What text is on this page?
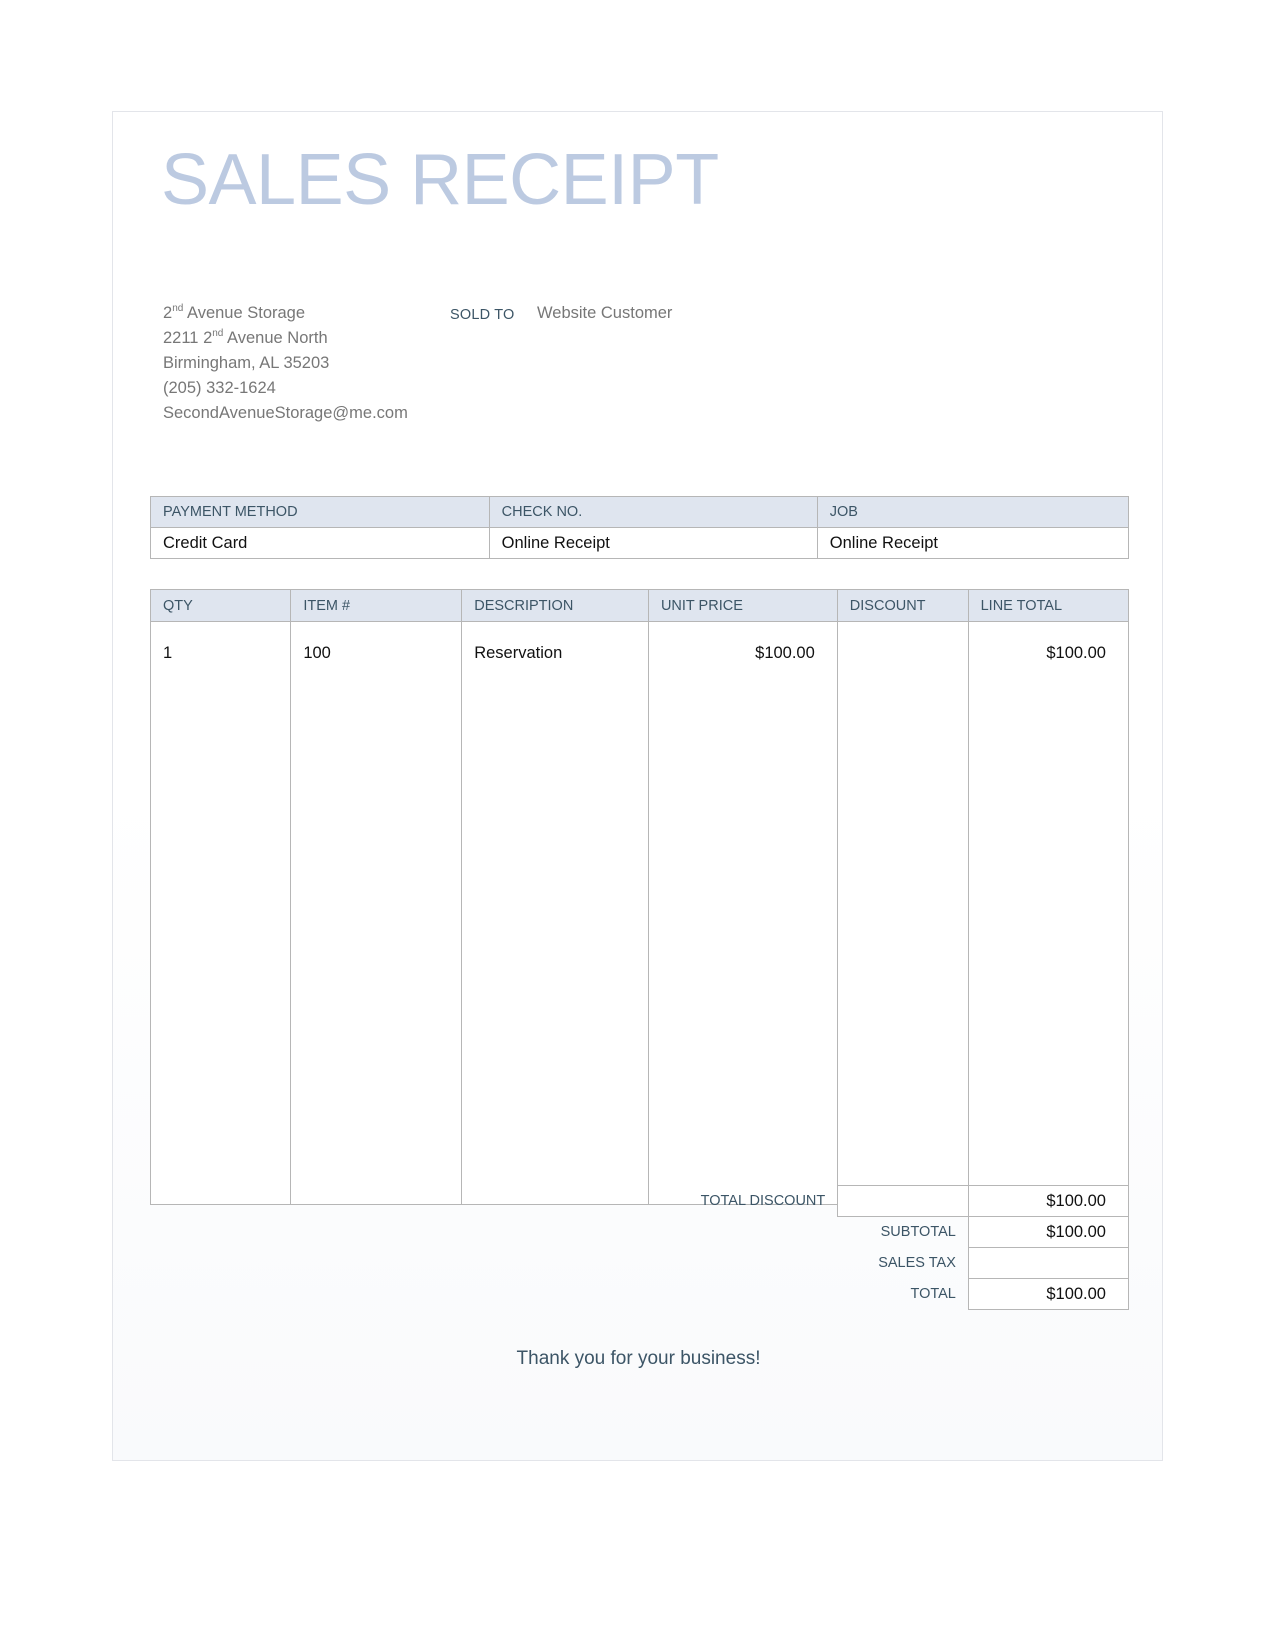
SALES RECEIPT
2nd Avenue Storage
2211 2nd Avenue North
Birmingham, AL 35203
(205) 332-1624
SecondAvenueStorage@me.com
SOLD TO Website Customer
PAYMENT METHOD	CHECK NO.	JOB
Credit Card	Online Receipt	Online Receipt
QTY	ITEM #	DESCRIPTION	UNIT PRICE	DISCOUNT	LINE TOTAL
1	100	Reservation	$100.00		$100.00
TOTAL DISCOUNT		$100.00
	SUBTOTAL	$100.00
	SALES TAX	
	TOTAL	$100.00
Thank you for your business!
